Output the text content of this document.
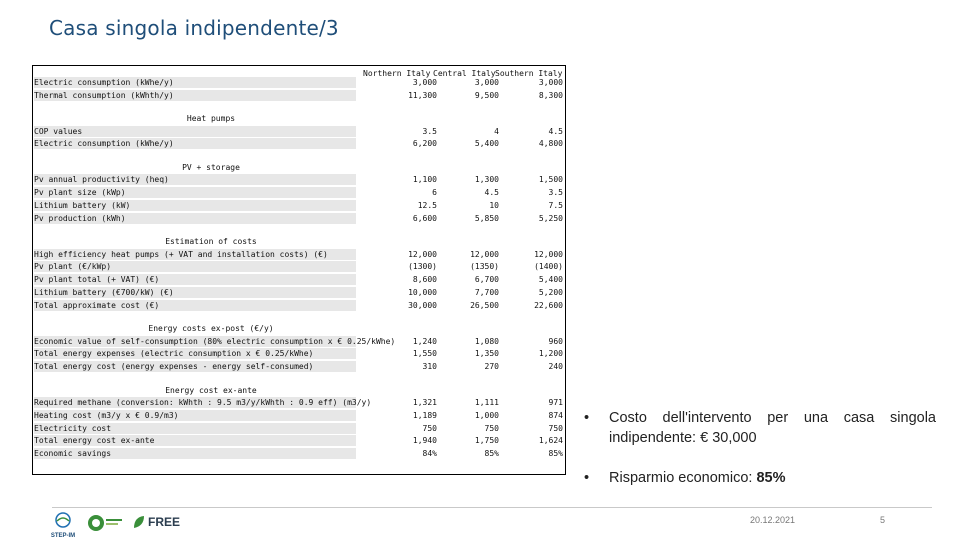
Casa singola indipendente/3
Northern Italy Central Italy Southern Italy
Electric consumption (kWhe/y)	3,000	3,000	3,000
Thermal consumption (kWhth/y)	11,300	9,500	8,300
Heat pumps
COP values	3.5	4	4.5
Electric consumption (kWhe/y)	6,200	5,400	4,800
PV + storage
Pv annual productivity (heq)	1,100	1,300	1,500
Pv plant size (kWp)	6	4.5	3.5
Lithium battery (kW)	12.5	10	7.5
Pv production (kWh)	6,600	5,850	5,250
Estimation of costs
High efficiency heat pumps (+ VAT and installation costs) (€)	12,000	12,000	12,000
Pv plant (€/kWp)	(1300)	(1350)	(1400)
Pv plant total (+ VAT) (€)	8,600	6,700	5,400
Lithium battery (€700/kW) (€)	10,000	7,700	5,200
Total approximate cost (€)	30,000	26,500	22,600
Energy costs ex-post (€/y)
Economic value of self-consumption (80% electric consumption x € 0.25/kWhe)	1,240	1,080	960
Total energy expenses (electric consumption x € 0.25/kWhe)	1,550	1,350	1,200
Total energy cost (energy expenses - energy self-consumed)	310	270	240
Energy cost ex-ante
Required methane (conversion: kWhth : 9.5 m3/y/kWhth : 0.9 eff) (m3/y)	1,321	1,111	971
Heating cost (m3/y x € 0.9/m3)	1,189	1,000	874
Electricity cost	750	750	750
Total energy cost ex-ante	1,940	1,750	1,624
Economic savings	84%	85%	85%
• Costo dell'intervento per una casa singola indipendente: € 30,000
• Risparmio economico: 85%
STEP-IM
FREE	20.12.2021	5
